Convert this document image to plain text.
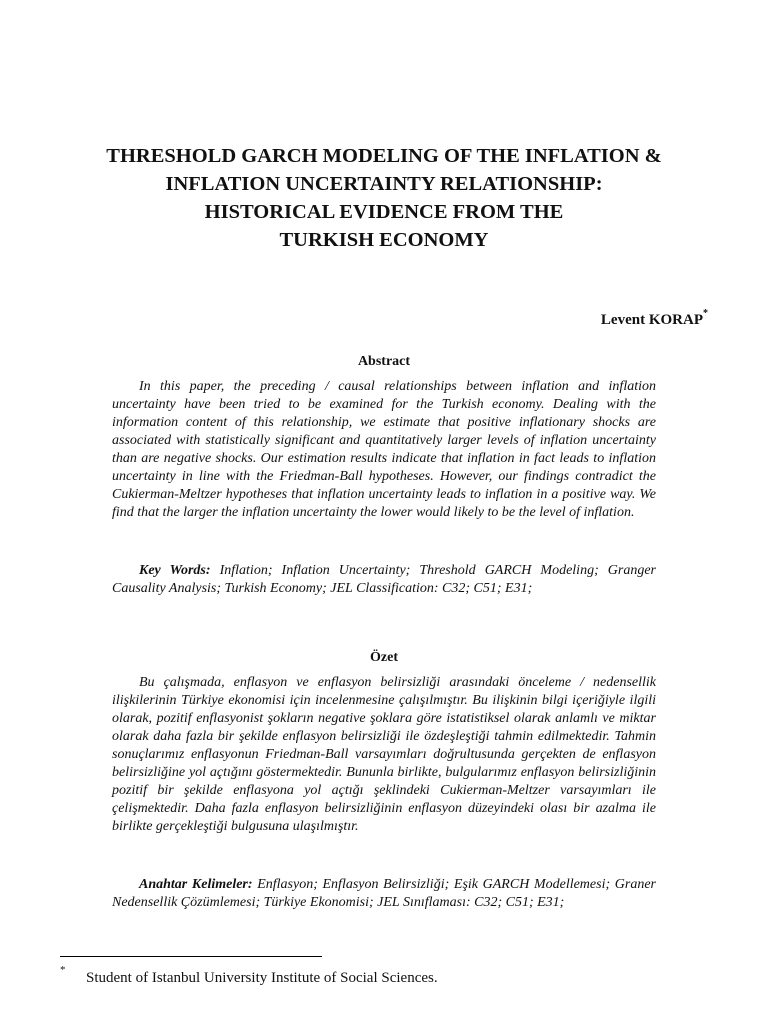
THRESHOLD GARCH MODELING OF THE INFLATION &
INFLATION UNCERTAINTY RELATIONSHIP:
HISTORICAL EVIDENCE FROM THE
TURKISH ECONOMY
Levent KORAP*
Abstract
In this paper, the preceding / causal relationships between inflation and inflation uncertainty have been tried to be examined for the Turkish economy. Dealing with the information content of this relationship, we estimate that positive inflationary shocks are associated with statistically significant and quantitatively larger levels of inflation uncertainty than are negative shocks. Our estimation results indicate that inflation in fact leads to inflation uncertainty in line with the Friedman-Ball hypotheses. However, our findings contradict the Cukierman-Meltzer hypotheses that inflation uncertainty leads to inflation in a positive way. We find that the larger the inflation uncertainty the lower would likely to be the level of inflation.
Key Words: Inflation; Inflation Uncertainty; Threshold GARCH Modeling; Granger Causality Analysis; Turkish Economy; JEL Classification: C32; C51; E31;
Özet
Bu çalışmada, enflasyon ve enflasyon belirsizliği arasındaki önceleme / nedensellik ilişkilerinin Türkiye ekonomisi için incelenmesine çalışılmıştır. Bu ilişkinin bilgi içeriğiyle ilgili olarak, pozitif enflasyonist şokların negative şoklara göre istatistiksel olarak anlamlı ve miktar olarak daha fazla bir şekilde enflasyon belirsizliği ile özdeşleştiği tahmin edilmektedir. Tahmin sonuçlarımız enflasyonun Friedman-Ball varsayımları doğrultusunda gerçekten de enflasyon belirsizliğine yol açtığını göstermektedir. Bununla birlikte, bulgularımız enflasyon belirsizliğinin pozitif bir şekilde enflasyona yol açtığı şeklindeki Cukierman-Meltzer varsayımları ile çelişmektedir. Daha fazla enflasyon belirsizliğinin enflasyon düzeyindeki olası bir azalma ile birlikte gerçekleştiği bulgusuna ulaşılmıştır.
Anahtar Kelimeler: Enflasyon; Enflasyon Belirsizliği; Eşik GARCH Modellemesi; Graner Nedensellik Çözümlemesi; Türkiye Ekonomisi; JEL Sınıflaması: C32; C51; E31;
* Student of Istanbul University Institute of Social Sciences.
